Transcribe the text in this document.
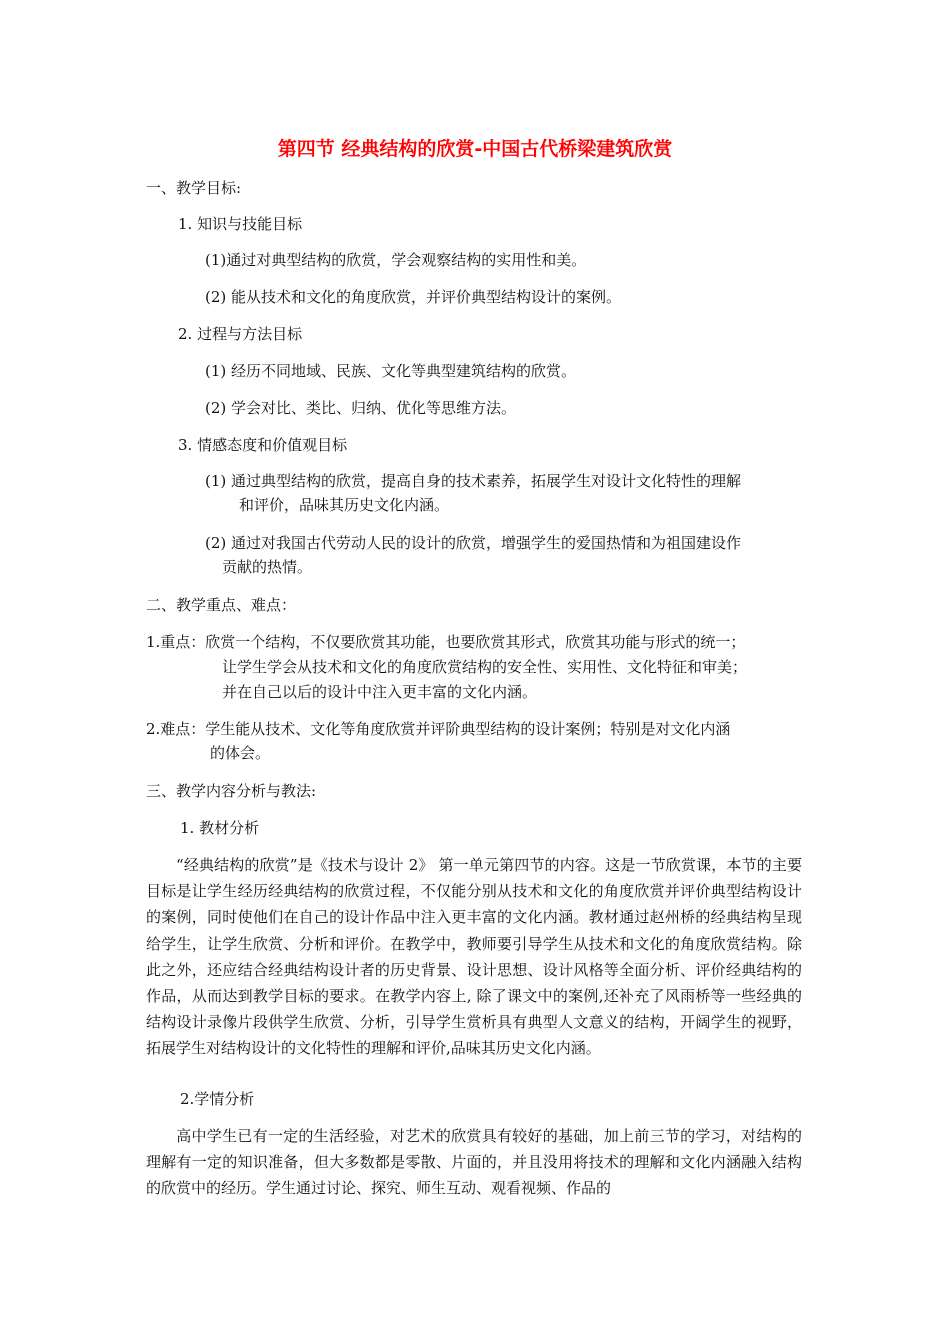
第四节 经典结构的欣赏-中国古代桥梁建筑欣赏
一、教学目标:
1. 知识与技能目标
(1)通过对典型结构的欣赏，学会观察结构的实用性和美。
(2) 能从技术和文化的角度欣赏，并评价典型结构设计的案例。
2. 过程与方法目标
(1) 经历不同地域、民族、文化等典型建筑结构的欣赏。
(2) 学会对比、类比、归纳、优化等思维方法。
3. 情感态度和价值观目标
(1) 通过典型结构的欣赏，提高自身的技术素养，拓展学生对设计文化特性的理解
和评价，品味其历史文化内涵。
(2) 通过对我国古代劳动人民的设计的欣赏，增强学生的爱国热情和为祖国建设作
贡献的热情。
二、教学重点、难点：
1.重点：欣赏一个结构，不仅要欣赏其功能，也要欣赏其形式，欣赏其功能与形式的统一；
让学生学会从技术和文化的角度欣赏结构的安全性、实用性、文化特征和审美；
并在自己以后的设计中注入更丰富的文化内涵。
2.难点：学生能从技术、文化等角度欣赏并评阶典型结构的设计案例；特别是对文化内涵
的体会。
三、教学内容分析与教法:
1. 教材分析
“经典结构的欣赏”是《技术与设计 2》 第一单元第四节的内容。这是一节欣赏课，本节的主要目标是让学生经历经典结构的欣赏过程，不仅能分别从技术和文化的角度欣赏并评价典型结构设计的案例，同时使他们在自己的设计作品中注入更丰富的文化内涵。教材通过赵州桥的经典结构呈现给学生，让学生欣赏、分析和评价。在教学中，教师要引导学生从技术和文化的角度欣赏结构。除此之外，还应结合经典结构设计者的历史背景、设计思想、设计风格等全面分析、评价经典结构的作品，从而达到教学目标的要求。在教学内容上, 除了课文中的案例,还补充了风雨桥等一些经典的结构设计录像片段供学生欣赏、分析，引导学生赏析具有典型人文意义的结构，开阔学生的视野，拓展学生对结构设计的文化特性的理解和评价,品味其历史文化内涵。
2.学情分析
高中学生已有一定的生活经验，对艺术的欣赏具有较好的基础，加上前三节的学习，对结构的理解有一定的知识准备，但大多数都是零散、片面的，并且没用将技术的理解和文化内涵融入结构的欣赏中的经历。学生通过讨论、探究、师生互动、观看视频、作品的
